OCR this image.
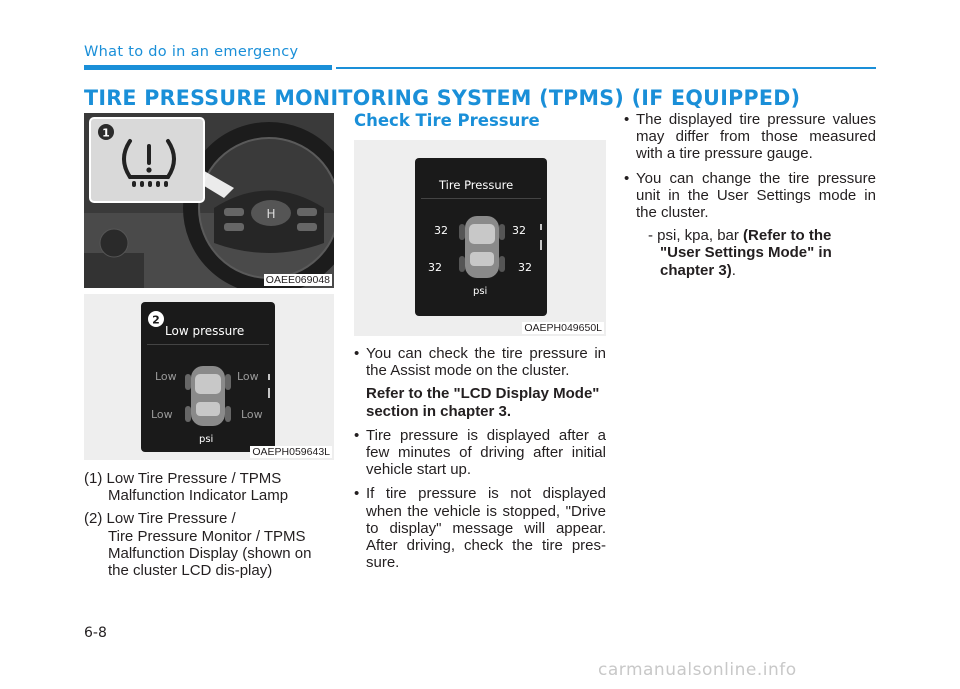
What to do in an emergency
TIRE PRESSURE MONITORING SYSTEM (TPMS) (IF EQUIPPED)
H
1
OAEE069048
2
Low pressure
Low	Low
Low	Low
psi
OAEPH059643L
Tire Pressure
32	32
32	32
psi
OAEPH049650L
(1) Low Tire Pressure / TPMS
Malfunction Indicator Lamp
(2) Low Tire Pressure /
Tire Pressure Monitor / TPMS Malfunction Display (shown on the cluster LCD dis-play)
Check Tire Pressure
• You can check the tire pressure in the Assist mode on the cluster.
Refer to the "LCD Display Mode" section in chapter 3.
• Tire pressure is displayed after a few minutes of driving after initial vehicle start up.
• If tire pressure is not displayed when the vehicle is stopped, "Drive to display" message will appear. After driving, check the tire pres-sure.
• The displayed tire pressure values may differ from those measured with a tire pressure gauge.
• You can change the tire pressure unit in the User Settings mode in the cluster.
- psi, kpa, bar (Refer to the "User Settings Mode" in chapter 3).
6-8
carmanualsonline.info
